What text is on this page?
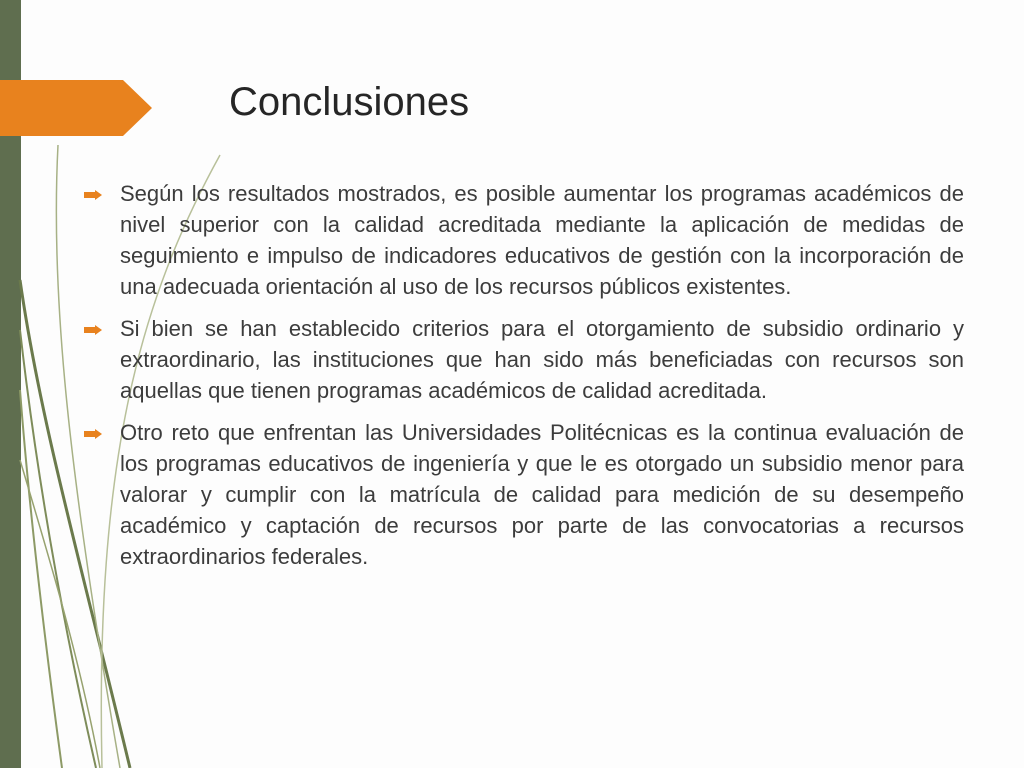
Conclusiones
Según los resultados mostrados, es posible aumentar los programas académicos de nivel superior con la calidad acreditada mediante la aplicación de medidas de seguimiento e impulso de indicadores educativos de gestión con la incorporación de una adecuada orientación al uso de los recursos públicos existentes.
Si bien se han establecido criterios para el otorgamiento de subsidio ordinario y extraordinario, las instituciones que han sido más beneficiadas con recursos son aquellas que tienen programas académicos de calidad acreditada.
Otro reto que enfrentan las Universidades Politécnicas es la continua evaluación de los programas educativos de ingeniería y que le es otorgado un subsidio menor para valorar y cumplir con la matrícula de calidad para medición de su desempeño académico y captación de recursos por parte de las convocatorias a recursos extraordinarios federales.
